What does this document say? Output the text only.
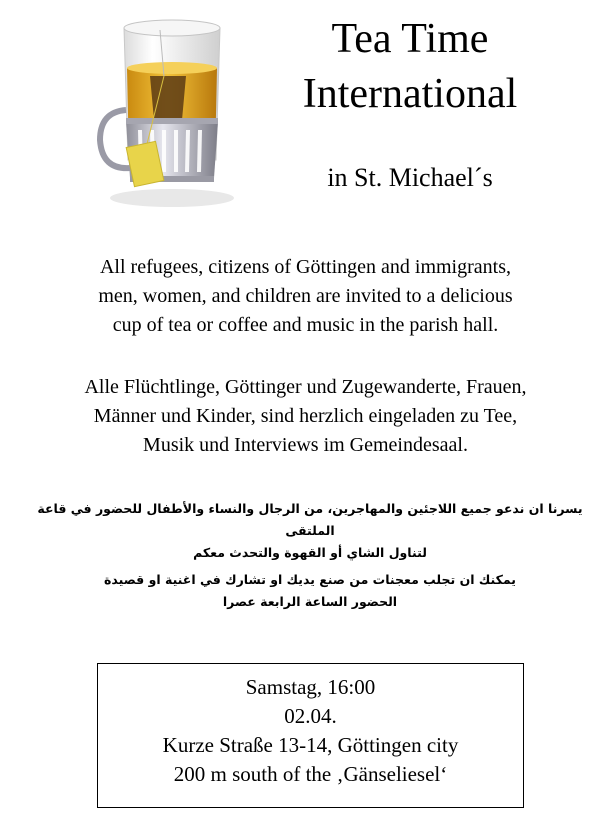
Tea Time
International
in St. Michael´s
All refugees, citizens of Göttingen and immigrants,
men, women, and children are invited to a delicious
cup of tea or coffee and music in the parish hall.
Alle Flüchtlinge, Göttinger und Zugewanderte, Frauen,
Männer und Kinder, sind herzlich eingeladen zu Tee,
Musik und Interviews im Gemeindesaal.
يسرنا ان ندعو جميع اللاجئين والمهاجرين، من الرجال والنساء والأطفال للحضور في قاعة الملتقى
لتناول الشاي أو القهوة والتحدث معكم
يمكنك ان تجلب معجنات من صنع يديك او تشارك في اغنية او قصيدة
الحضور الساعة الرابعة عصرا
Samstag, 16:00
02.04.
Kurze Straße 13-14, Göttingen city
200 m south of the ‚Gänseliesel‘
